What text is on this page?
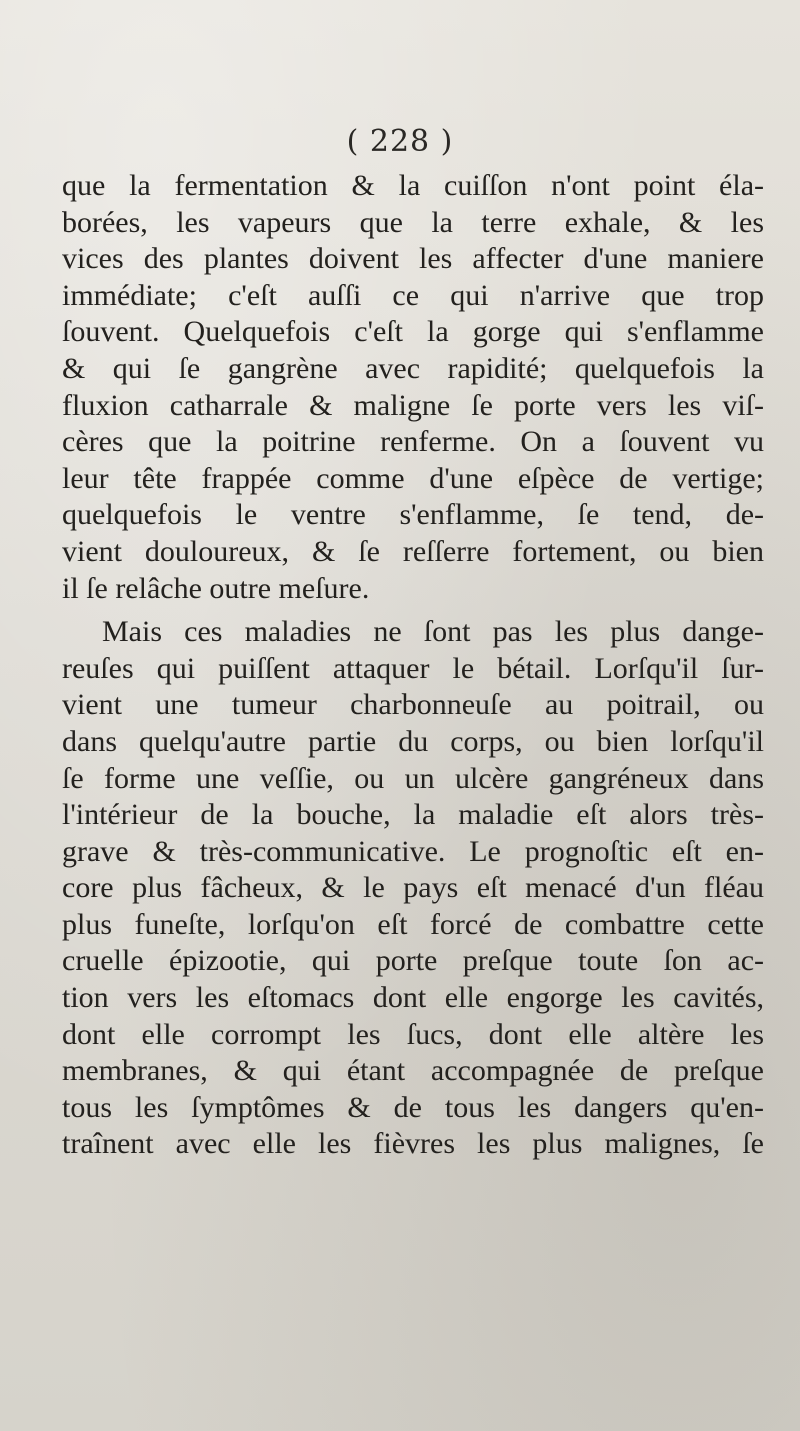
( 228 )
que la fermentation & la cuiſſon n'ont point éla-
borées, les vapeurs que la terre exhale, & les
vices des plantes doivent les affecter d'une maniere
immédiate; c'eſt auſſi ce qui n'arrive que trop
ſouvent. Quelquefois c'eſt la gorge qui s'enflamme
& qui ſe gangrène avec rapidité; quelquefois la
fluxion catharrale & maligne ſe porte vers les viſ-
cères que la poitrine renferme. On a ſouvent vu
leur tête frappée comme d'une eſpèce de vertige;
quelquefois le ventre s'enflamme, ſe tend, de-
vient douloureux, & ſe reſſerre fortement, ou bien
il ſe relâche outre meſure.
Mais ces maladies ne ſont pas les plus dange-
reuſes qui puiſſent attaquer le bétail. Lorſqu'il ſur-
vient une tumeur charbonneuſe au poitrail, ou
dans quelqu'autre partie du corps, ou bien lorſqu'il
ſe forme une veſſie, ou un ulcère gangréneux dans
l'intérieur de la bouche, la maladie eſt alors très-
grave & très-communicative. Le prognoſtic eſt en-
core plus fâcheux, & le pays eſt menacé d'un fléau
plus funeſte, lorſqu'on eſt forcé de combattre cette
cruelle épizootie, qui porte preſque toute ſon ac-
tion vers les eſtomacs dont elle engorge les cavités,
dont elle corrompt les ſucs, dont elle altère les
membranes, & qui étant accompagnée de preſque
tous les ſymptômes & de tous les dangers qu'en-
traînent avec elle les fièvres les plus malignes, ſe
